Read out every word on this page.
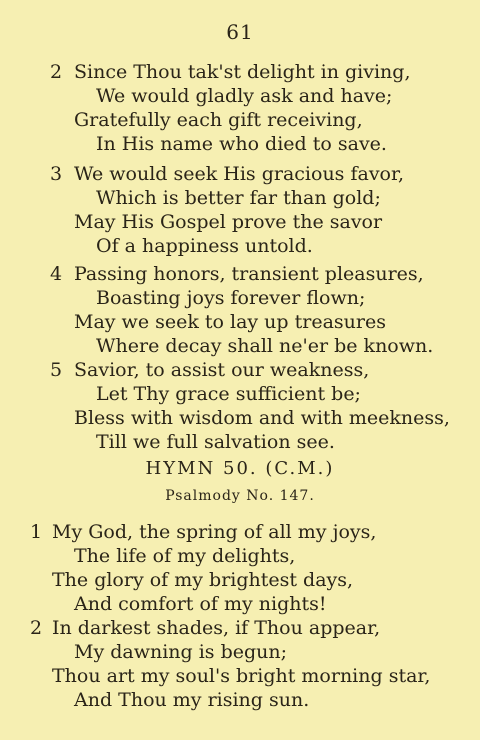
61
2 Since Thou tak'st delight in giving,
We would gladly ask and have;
Gratefully each gift receiving,
In His name who died to save.
3 We would seek His gracious favor,
Which is better far than gold;
May His Gospel prove the savor
Of a happiness untold.
4 Passing honors, transient pleasures,
Boasting joys forever flown;
May we seek to lay up treasures
Where decay shall ne'er be known.
5 Savior, to assist our weakness,
Let Thy grace sufficient be;
Bless with wisdom and with meekness,
Till we full salvation see.
HYMN 50. (C.M.)
Psalmody No. 147.
1 My God, the spring of all my joys,
The life of my delights,
The glory of my brightest days,
And comfort of my nights!
2 In darkest shades, if Thou appear,
My dawning is begun;
Thou art my soul's bright morning star,
And Thou my rising sun.
